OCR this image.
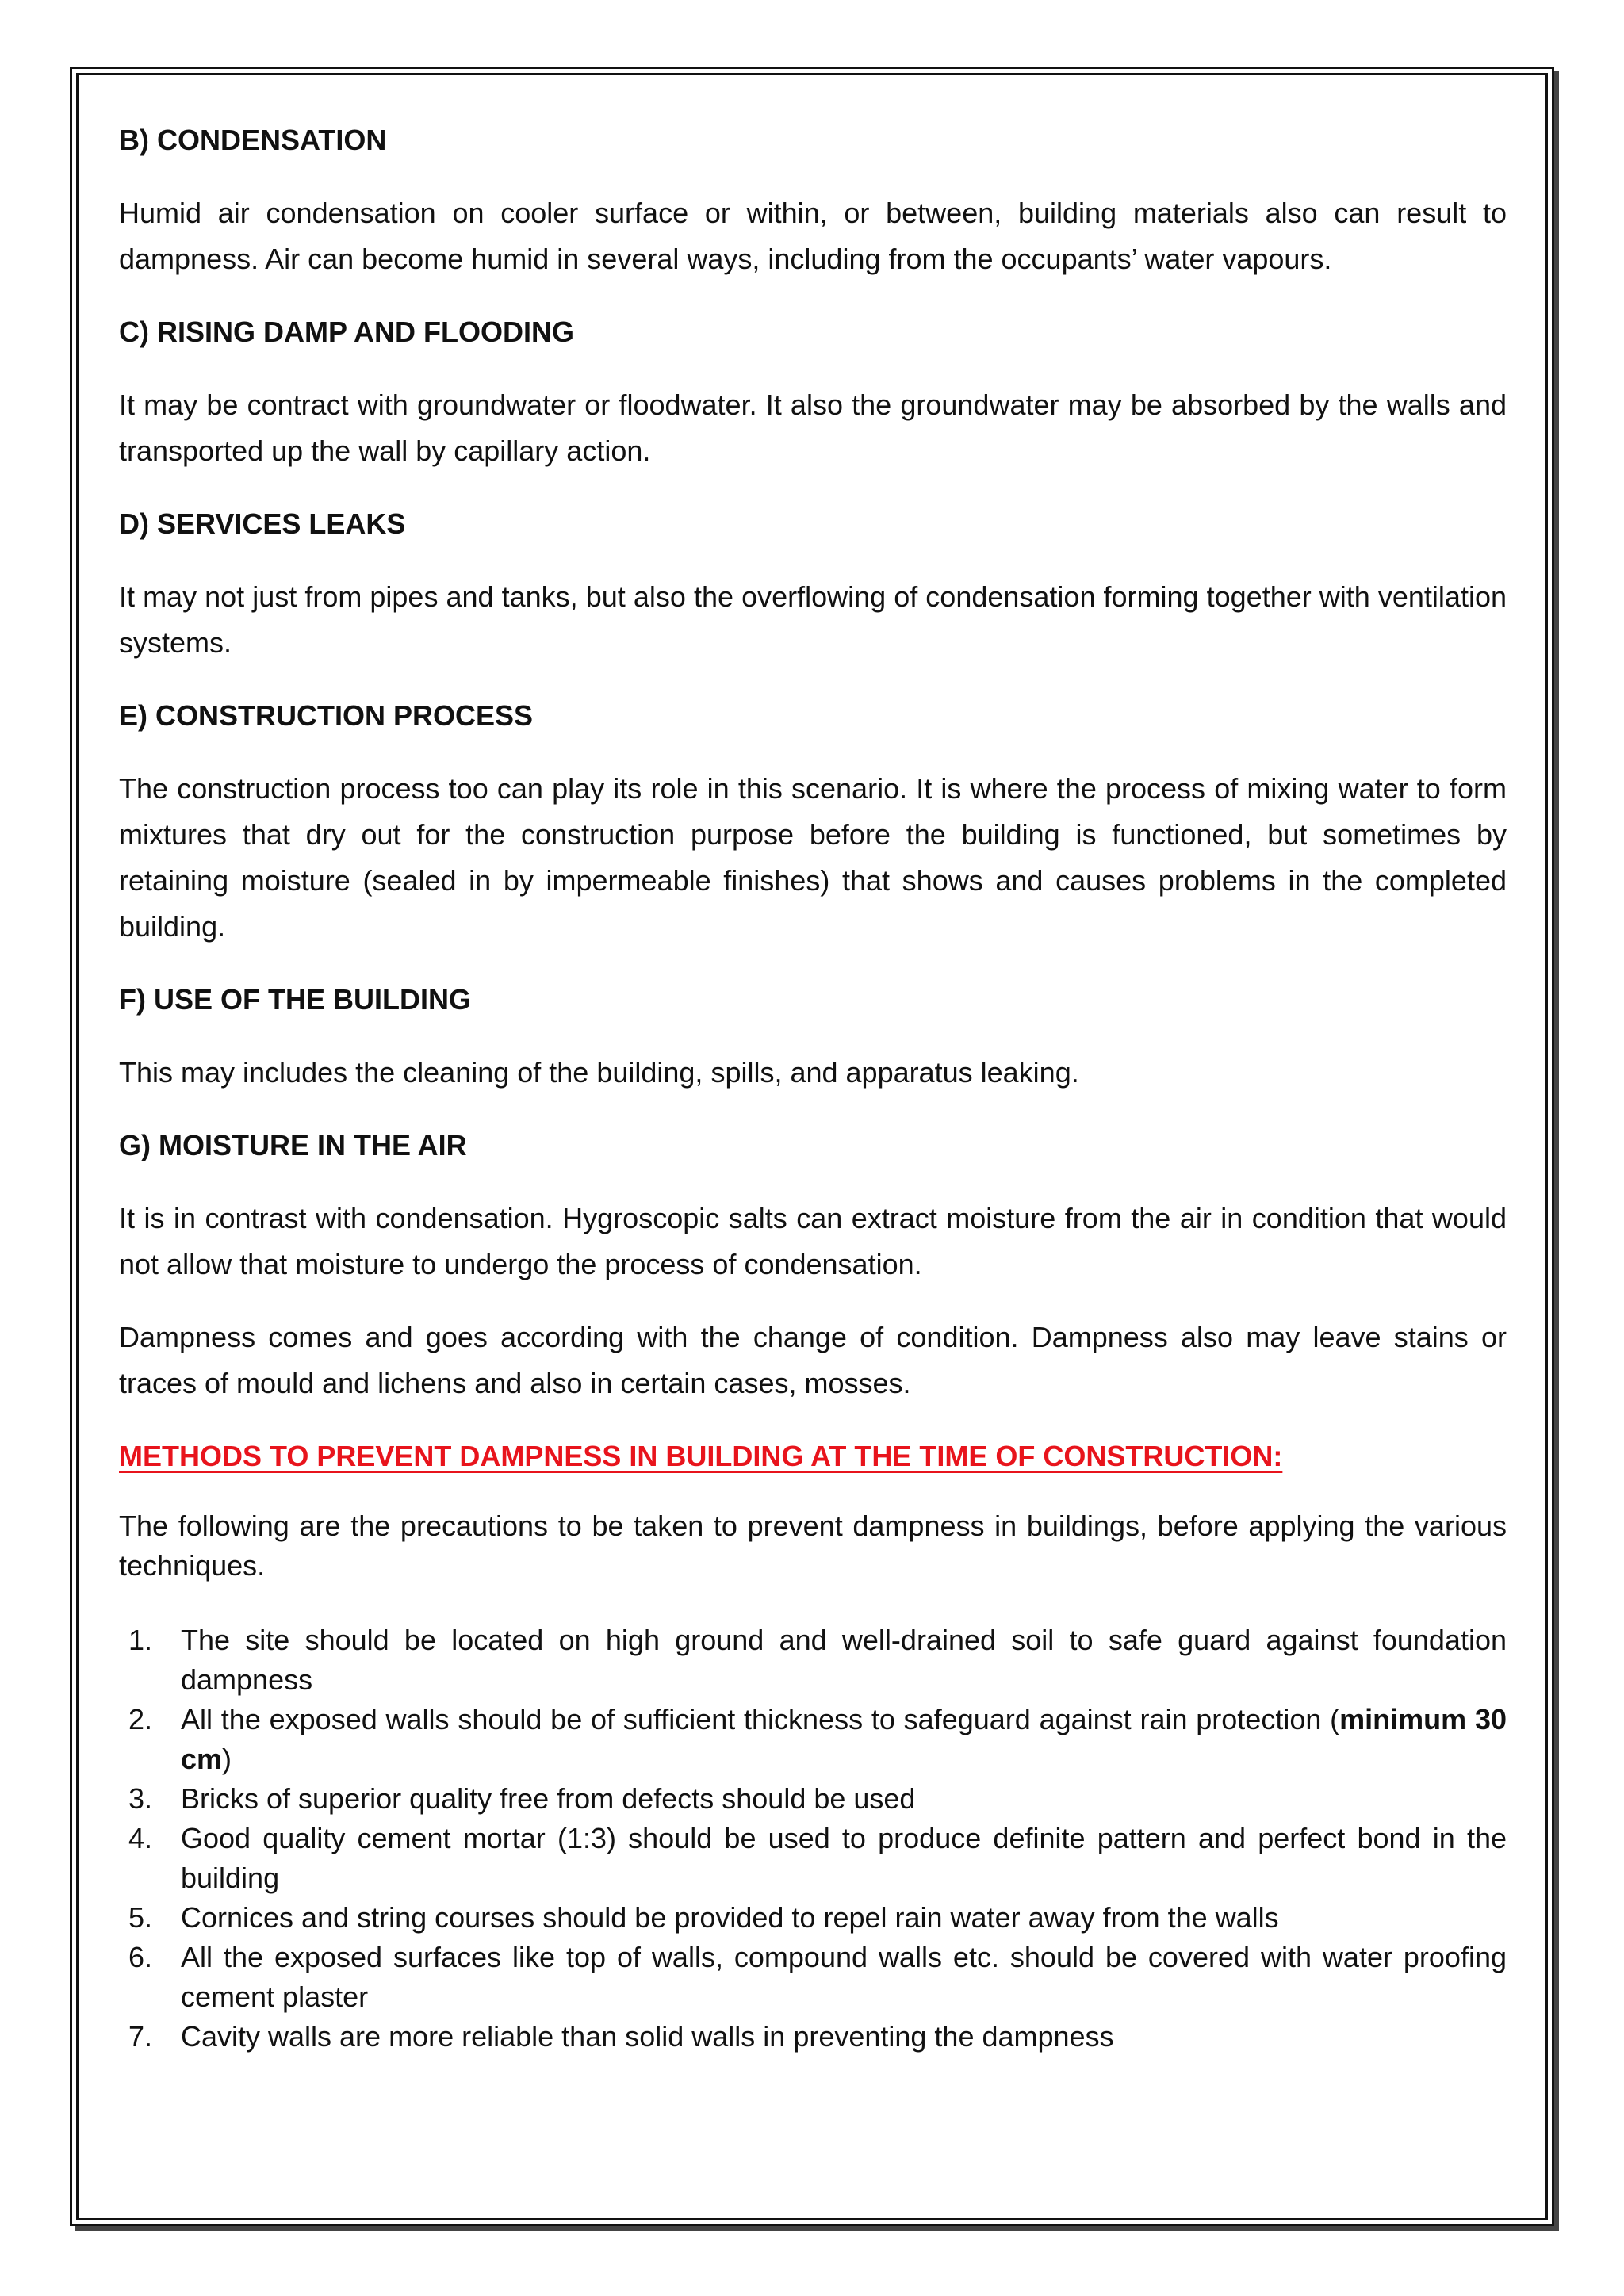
B) CONDENSATION

Humid air condensation on cooler surface or within, or between, building materials also can result to dampness. Air can become humid in several ways, including from the occupants’ water vapours.

C) RISING DAMP AND FLOODING

It may be contract with groundwater or floodwater. It also the groundwater may be absorbed by the walls and transported up the wall by capillary action.

D) SERVICES LEAKS

It may not just from pipes and tanks, but also the overflowing of condensation forming together with ventilation systems.

E) CONSTRUCTION PROCESS

The construction process too can play its role in this scenario. It is where the process of mixing water to form mixtures that dry out for the construction purpose before the building is functioned, but sometimes by retaining moisture (sealed in by impermeable finishes) that shows and causes problems in the completed building.

F) USE OF THE BUILDING

This may includes the cleaning of the building, spills, and apparatus leaking.

G) MOISTURE IN THE AIR

It is in contrast with condensation. Hygroscopic salts can extract moisture from the air in condition that would not allow that moisture to undergo the process of condensation.

Dampness comes and goes according with the change of condition. Dampness also may leave stains or traces of mould and lichens and also in certain cases, mosses.

METHODS TO PREVENT DAMPNESS IN BUILDING AT THE TIME OF CONSTRUCTION:

The following are the precautions to be taken to prevent dampness in buildings, before applying the various techniques.

1. The site should be located on high ground and well-drained soil to safe guard against foundation dampness
2. All the exposed walls should be of sufficient thickness to safeguard against rain protection (minimum 30 cm)
3. Bricks of superior quality free from defects should be used
4. Good quality cement mortar (1:3) should be used to produce definite pattern and perfect bond in the building
5. Cornices and string courses should be provided to repel rain water away from the walls
6. All the exposed surfaces like top of walls, compound walls etc. should be covered with water proofing cement plaster
7. Cavity walls are more reliable than solid walls in preventing the dampness
